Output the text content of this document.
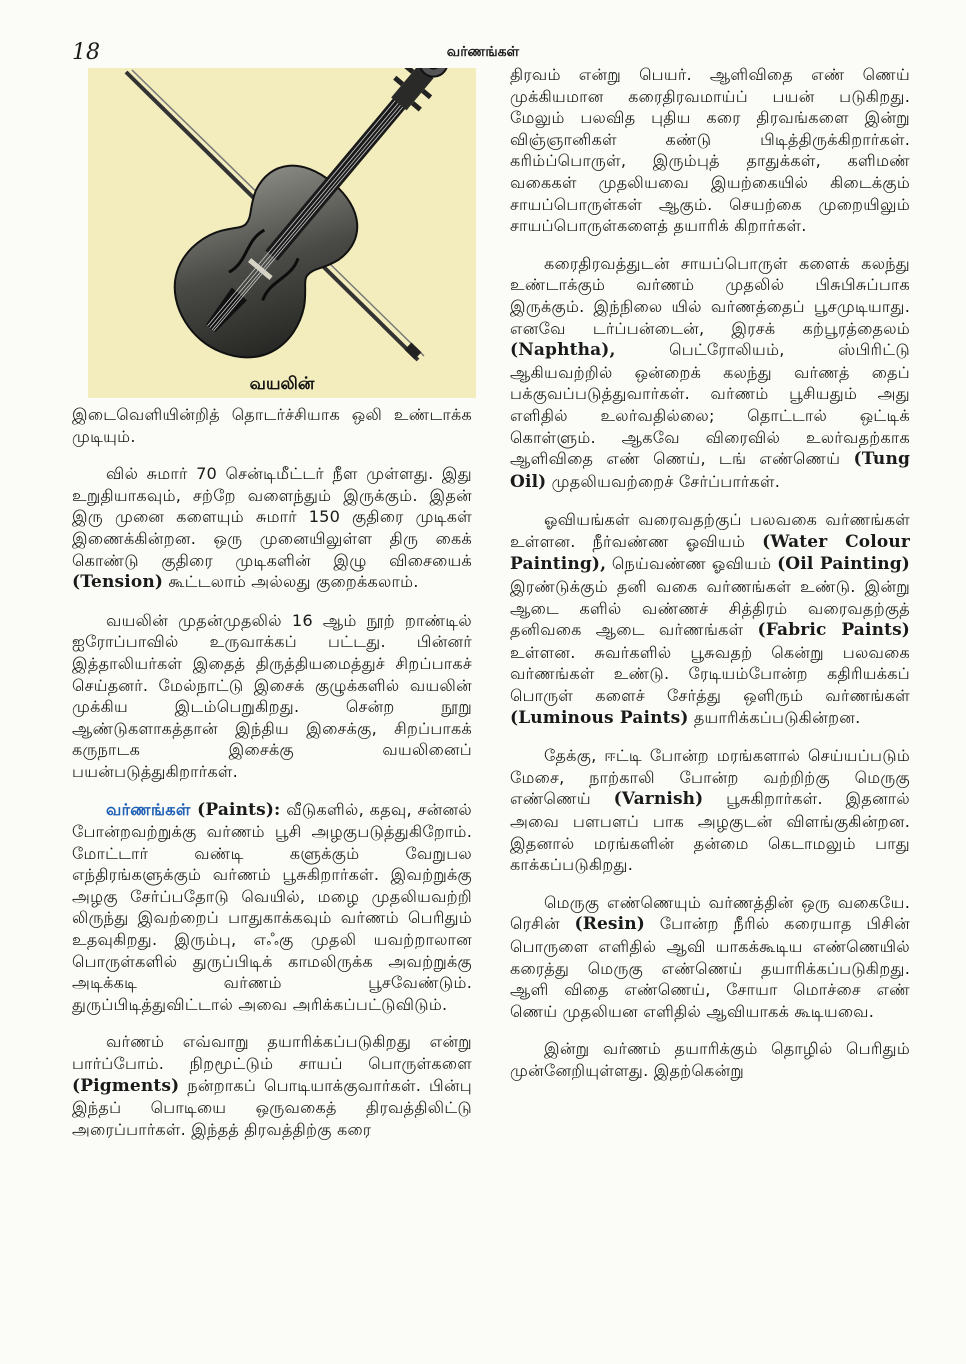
18	வர்ணங்கள்
வயலின்

இடைவெளியின்றித் தொடர்ச்சியாக ஒலி உண்டாக்க முடியும்.

வில் சுமார் 70 சென்டிமீட்டர் நீள முள்ளது. இது உறுதியாகவும், சற்றே வளைந்தும் இருக்கும். இதன் இரு முனை களையும் சுமார் 150 குதிரை முடிகள் இணைக்கின்றன. ஒரு முனையிலுள்ள திரு கைக் கொண்டு குதிரை முடிகளின் இழு விசையைக் (Tension) கூட்டலாம் அல்லது குறைக்கலாம்.

வயலின் முதன்முதலில் 16 ஆம் நூற் றாண்டில் ஐரோப்பாவில் உருவாக்கப் பட்டது. பின்னர் இத்தாலியர்கள் இதைத் திருத்தியமைத்துச் சிறப்பாகச் செய்தனர். மேல்நாட்டு இசைக் குழுக்களில் வயலின் முக்கிய இடம்பெறுகிறது. சென்ற நூறு ஆண்டுகளாகத்தான் இந்திய இசைக்கு, சிறப்பாகக் கருநாடக இசைக்கு வயலினைப் பயன்படுத்துகிறார்கள்.

வர்ணங்கள் (Paints): வீடுகளில், கதவு, சன்னல் போன்றவற்றுக்கு வர்ணம் பூசி அழகுபடுத்துகிறோம். மோட்டார் வண்டி களுக்கும் வேறுபல எந்திரங்களுக்கும் வர்ணம் பூசுகிறார்கள். இவற்றுக்கு அழகு சேர்ப்பதோடு வெயில், மழை முதலியவற்றி லிருந்து இவற்றைப் பாதுகாக்கவும் வர்ணம் பெரிதும் உதவுகிறது. இரும்பு, எஃகு முதலி யவற்றாலான பொருள்களில் துருப்பிடிக் காமலிருக்க அவற்றுக்கு அடிக்கடி வர்ணம் பூசவேண்டும். துருப்பிடித்துவிட்டால் அவை அரிக்கப்பட்டுவிடும்.

வர்ணம் எவ்வாறு தயாரிக்கப்படுகிறது என்று பார்ப்போம். நிறமூட்டும் சாயப் பொருள்களை (Pigments) நன்றாகப் பொடியாக்குவார்கள். பின்பு இந்தப் பொடியை ஒருவகைத் திரவத்திலிட்டு அரைப்பார்கள். இந்தத் திரவத்திற்கு கரை

திரவம் என்று பெயர். ஆளிவிதை எண் ணெய் முக்கியமான கரைதிரவமாய்ப் பயன் படுகிறது. மேலும் பலவித புதிய கரை திரவங்களை இன்று விஞ்ஞானிகள் கண்டு பிடித்திருக்கிறார்கள். கரிம்ப்பொருள், இரும்புத் தாதுக்கள், களிமண் வகைகள் முதலியவை இயற்கையில் கிடைக்கும் சாயப்பொருள்கள் ஆகும். செயற்கை முறையிலும் சாயப்பொருள்களைத் தயாரிக் கிறார்கள்.

கரைதிரவத்துடன் சாயப்பொருள் களைக் கலந்து உண்டாக்கும் வர்ணம் முதலில் பிசுபிசுப்பாக இருக்கும். இந்நிலை யில் வர்ணத்தைப் பூசமுடியாது. எனவே டர்ப்பன்டைன், இரசக் கற்பூரத்தைலம் (Naphtha), பெட்ரோலியம், ஸ்பிரிட்டு ஆகியவற்றில் ஒன்றைக் கலந்து வர்ணத் தைப் பக்குவப்படுத்துவார்கள். வர்ணம் பூசியதும் அது எளிதில் உலர்வதில்லை; தொட்டால் ஒட்டிக் கொள்ளும். ஆகவே விரைவில் உலர்வதற்காக ஆளிவிதை எண் ணெய், டங் எண்ணெய் (Tung Oil) முதலியவற்றைச் சேர்ப்பார்கள்.

ஓவியங்கள் வரைவதற்குப் பலவகை வர்ணங்கள் உள்ளன. நீர்வண்ண ஓவியம் (Water Colour Painting), நெய்வண்ண ஓவியம் (Oil Painting) இரண்டுக்கும் தனி வகை வர்ணங்கள் உண்டு. இன்று ஆடை களில் வண்ணச் சித்திரம் வரைவதற்குத் தனிவகை ஆடை வர்ணங்கள் (Fabric Paints) உள்ளன. சுவர்களில் பூசுவதற் கென்று பலவகை வர்ணங்கள் உண்டு. ரேடியம்போன்ற கதிரியக்கப் பொருள் களைச் சேர்த்து ஒளிரும் வர்ணங்கள் (Luminous Paints) தயாரிக்கப்படுகின்றன.

தேக்கு, ஈட்டி போன்ற மரங்களால் செய்யப்படும் மேசை, நாற்காலி போன்ற வற்றிற்கு மெருகு எண்ணெய் (Varnish) பூசுகிறார்கள். இதனால் அவை பளபளப் பாக அழகுடன் விளங்குகின்றன. இதனால் மரங்களின் தன்மை கெடாமலும் பாது காக்கப்படுகிறது.

மெருகு எண்ணெயும் வர்ணத்தின் ஒரு வகையே. ரெசின் (Resin) போன்ற நீரில் கரையாத பிசின் பொருளை எளிதில் ஆவி யாகக்கூடிய எண்ணெயில் கரைத்து மெருகு எண்ணெய் தயாரிக்கப்படுகிறது. ஆளி விதை எண்ணெய், சோயா மொச்சை எண் ணெய் முதலியன எளிதில் ஆவியாகக் கூடியவை.

இன்று வர்ணம் தயாரிக்கும் தொழில் பெரிதும் முன்னேறியுள்ளது. இதற்கென்று
